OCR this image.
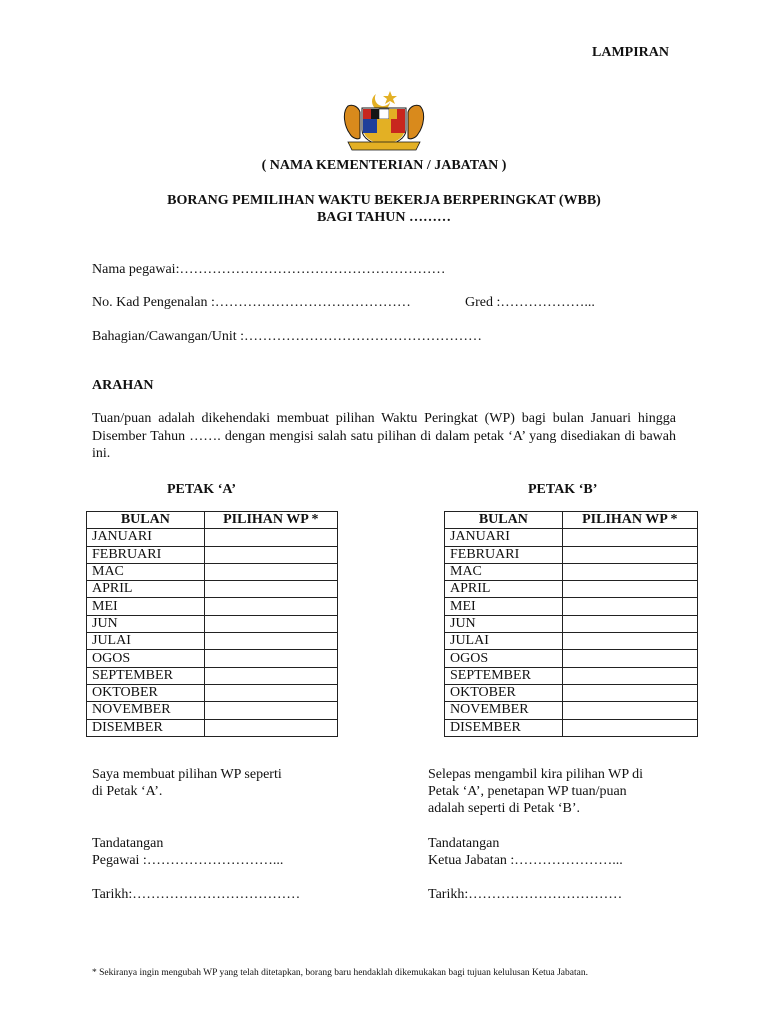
LAMPIRAN
( NAMA KEMENTERIAN / JABATAN )
BORANG PEMILIHAN WAKTU BEKERJA BERPERINGKAT (WBB)
BAGI TAHUN ………
Nama pegawai:…………………………………………………
No. Kad Pengenalan :……………………………………	Gred :………………...
Bahagian/Cawangan/Unit :……………………………………………
ARAHAN
Tuan/puan adalah dikehendaki membuat pilihan Waktu Peringkat (WP) bagi bulan Januari hingga Disember Tahun ……. dengan mengisi salah satu pilihan di dalam petak ‘A’ yang disediakan di bawah ini.
PETAK ‘A’	PETAK ‘B’
BULAN	PILIHAN WP *
JANUARI	
FEBRUARI	
MAC	
APRIL	
MEI	
JUN	
JULAI	
OGOS	
SEPTEMBER	
OKTOBER	
NOVEMBER	
DISEMBER	
BULAN	PILIHAN WP *
JANUARI	
FEBRUARI	
MAC	
APRIL	
MEI	
JUN	
JULAI	
OGOS	
SEPTEMBER	
OKTOBER	
NOVEMBER	
DISEMBER	
Saya membuat pilihan WP seperti
di Petak ‘A’.
Tandatangan
Pegawai :………………………...
Tarikh:………………………………
Selepas mengambil kira pilihan WP di
Petak ‘A’, penetapan WP tuan/puan
adalah seperti di Petak ‘B’.
Tandatangan
Ketua Jabatan :…………………...
Tarikh:……………………………
* Sekiranya ingin mengubah WP yang telah ditetapkan, borang baru hendaklah dikemukakan bagi tujuan kelulusan Ketua Jabatan.
